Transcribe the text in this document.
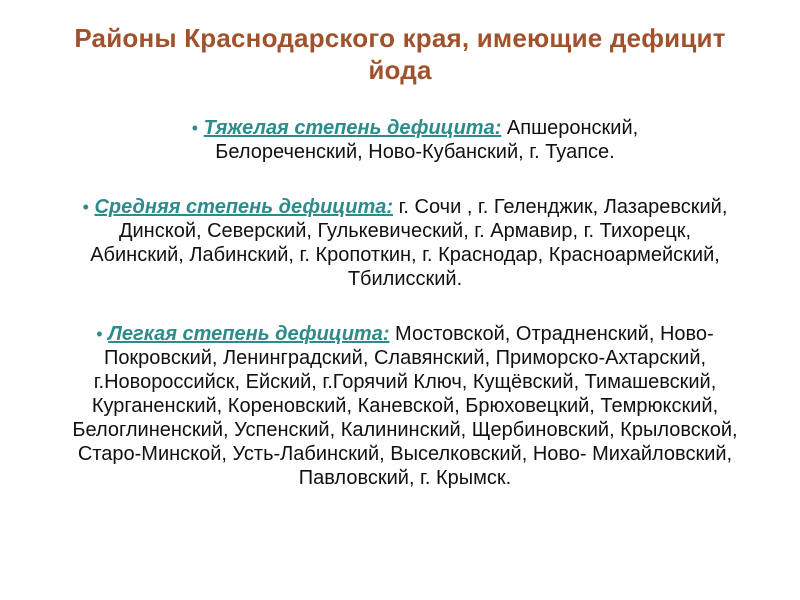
Районы Краснодарского края, имеющие дефицит йода
• Тяжелая степень дефицита: Апшеронский, Белореченский, Ново-Кубанский, г. Туапсе.
• Средняя степень дефицита: г. Сочи , г. Геленджик, Лазаревский, Динской, Северский, Гулькевический, г. Армавир, г. Тихорецк, Абинский, Лабинский, г. Кропоткин, г. Краснодар, Красноармейский, Тбилисский.
• Легкая степень дефицита: Мостовской, Отрадненский, Ново-Покровский, Ленинградский, Славянский, Приморско-Ахтарский, г.Новороссийск, Ейский, г.Горячий Ключ, Кущёвский, Тимашевский, Курганенский, Кореновский, Каневской, Брюховецкий, Темрюкский, Белоглиненский, Успенский, Калининский, Щербиновский, Крыловской, Старо-Минской, Усть-Лабинский, Выселковский, Ново- Михайловский, Павловский, г. Крымск.
